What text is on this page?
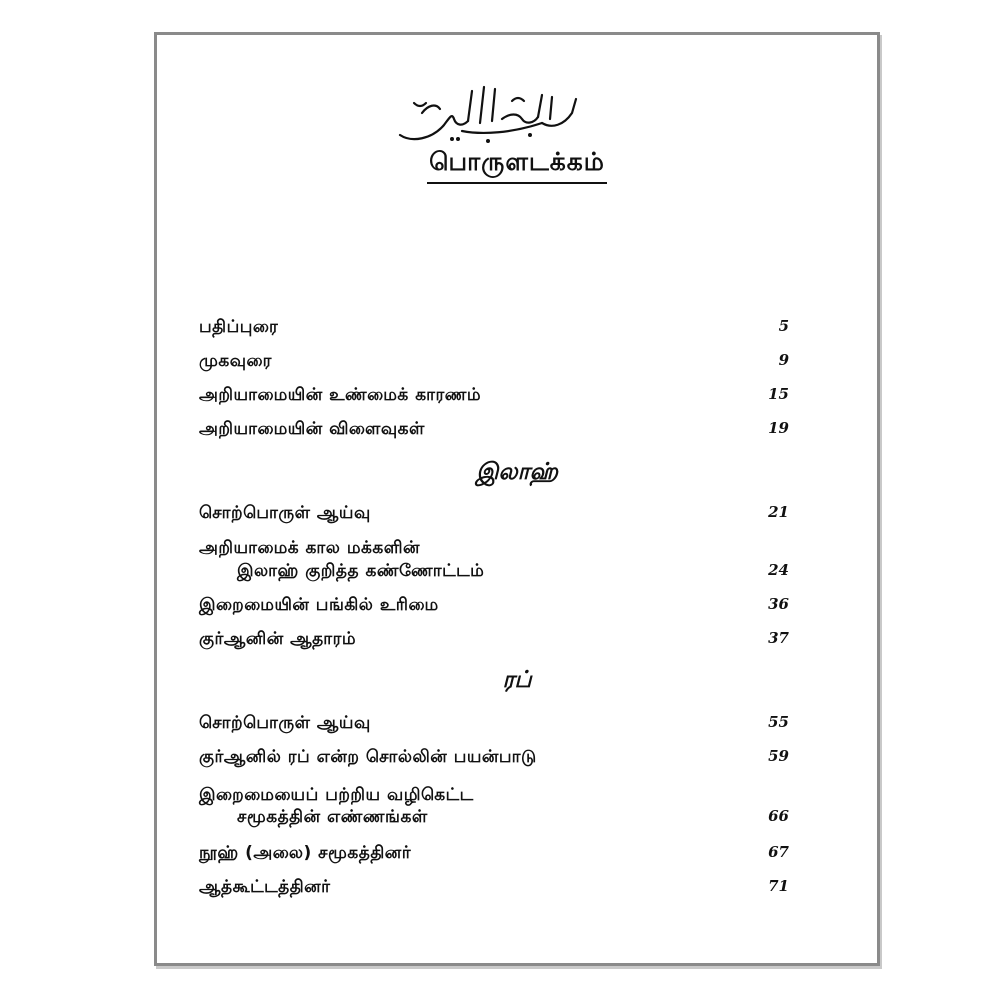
பொருளடக்கம்
பதிப்புரை	5
முகவுரை	9
அறியாமையின் உண்மைக் காரணம்	15
அறியாமையின் விளைவுகள்	19
இலாஹ்
சொற்பொருள் ஆய்வு	21
அறியாமைக் கால மக்களின்
இலாஹ் குறித்த கண்ணோட்டம்	24
இறைமையின் பங்கில் உரிமை	36
குர்ஆனின் ஆதாரம்	37
ரப்
சொற்பொருள் ஆய்வு	55
குர்ஆனில் ரப் என்ற சொல்லின் பயன்பாடு	59
இறைமையைப் பற்றிய வழிகெட்ட
சமூகத்தின் எண்ணங்கள்	66
நூஹ் (அலை) சமூகத்தினர்	67
ஆத்கூட்டத்தினர்	71
